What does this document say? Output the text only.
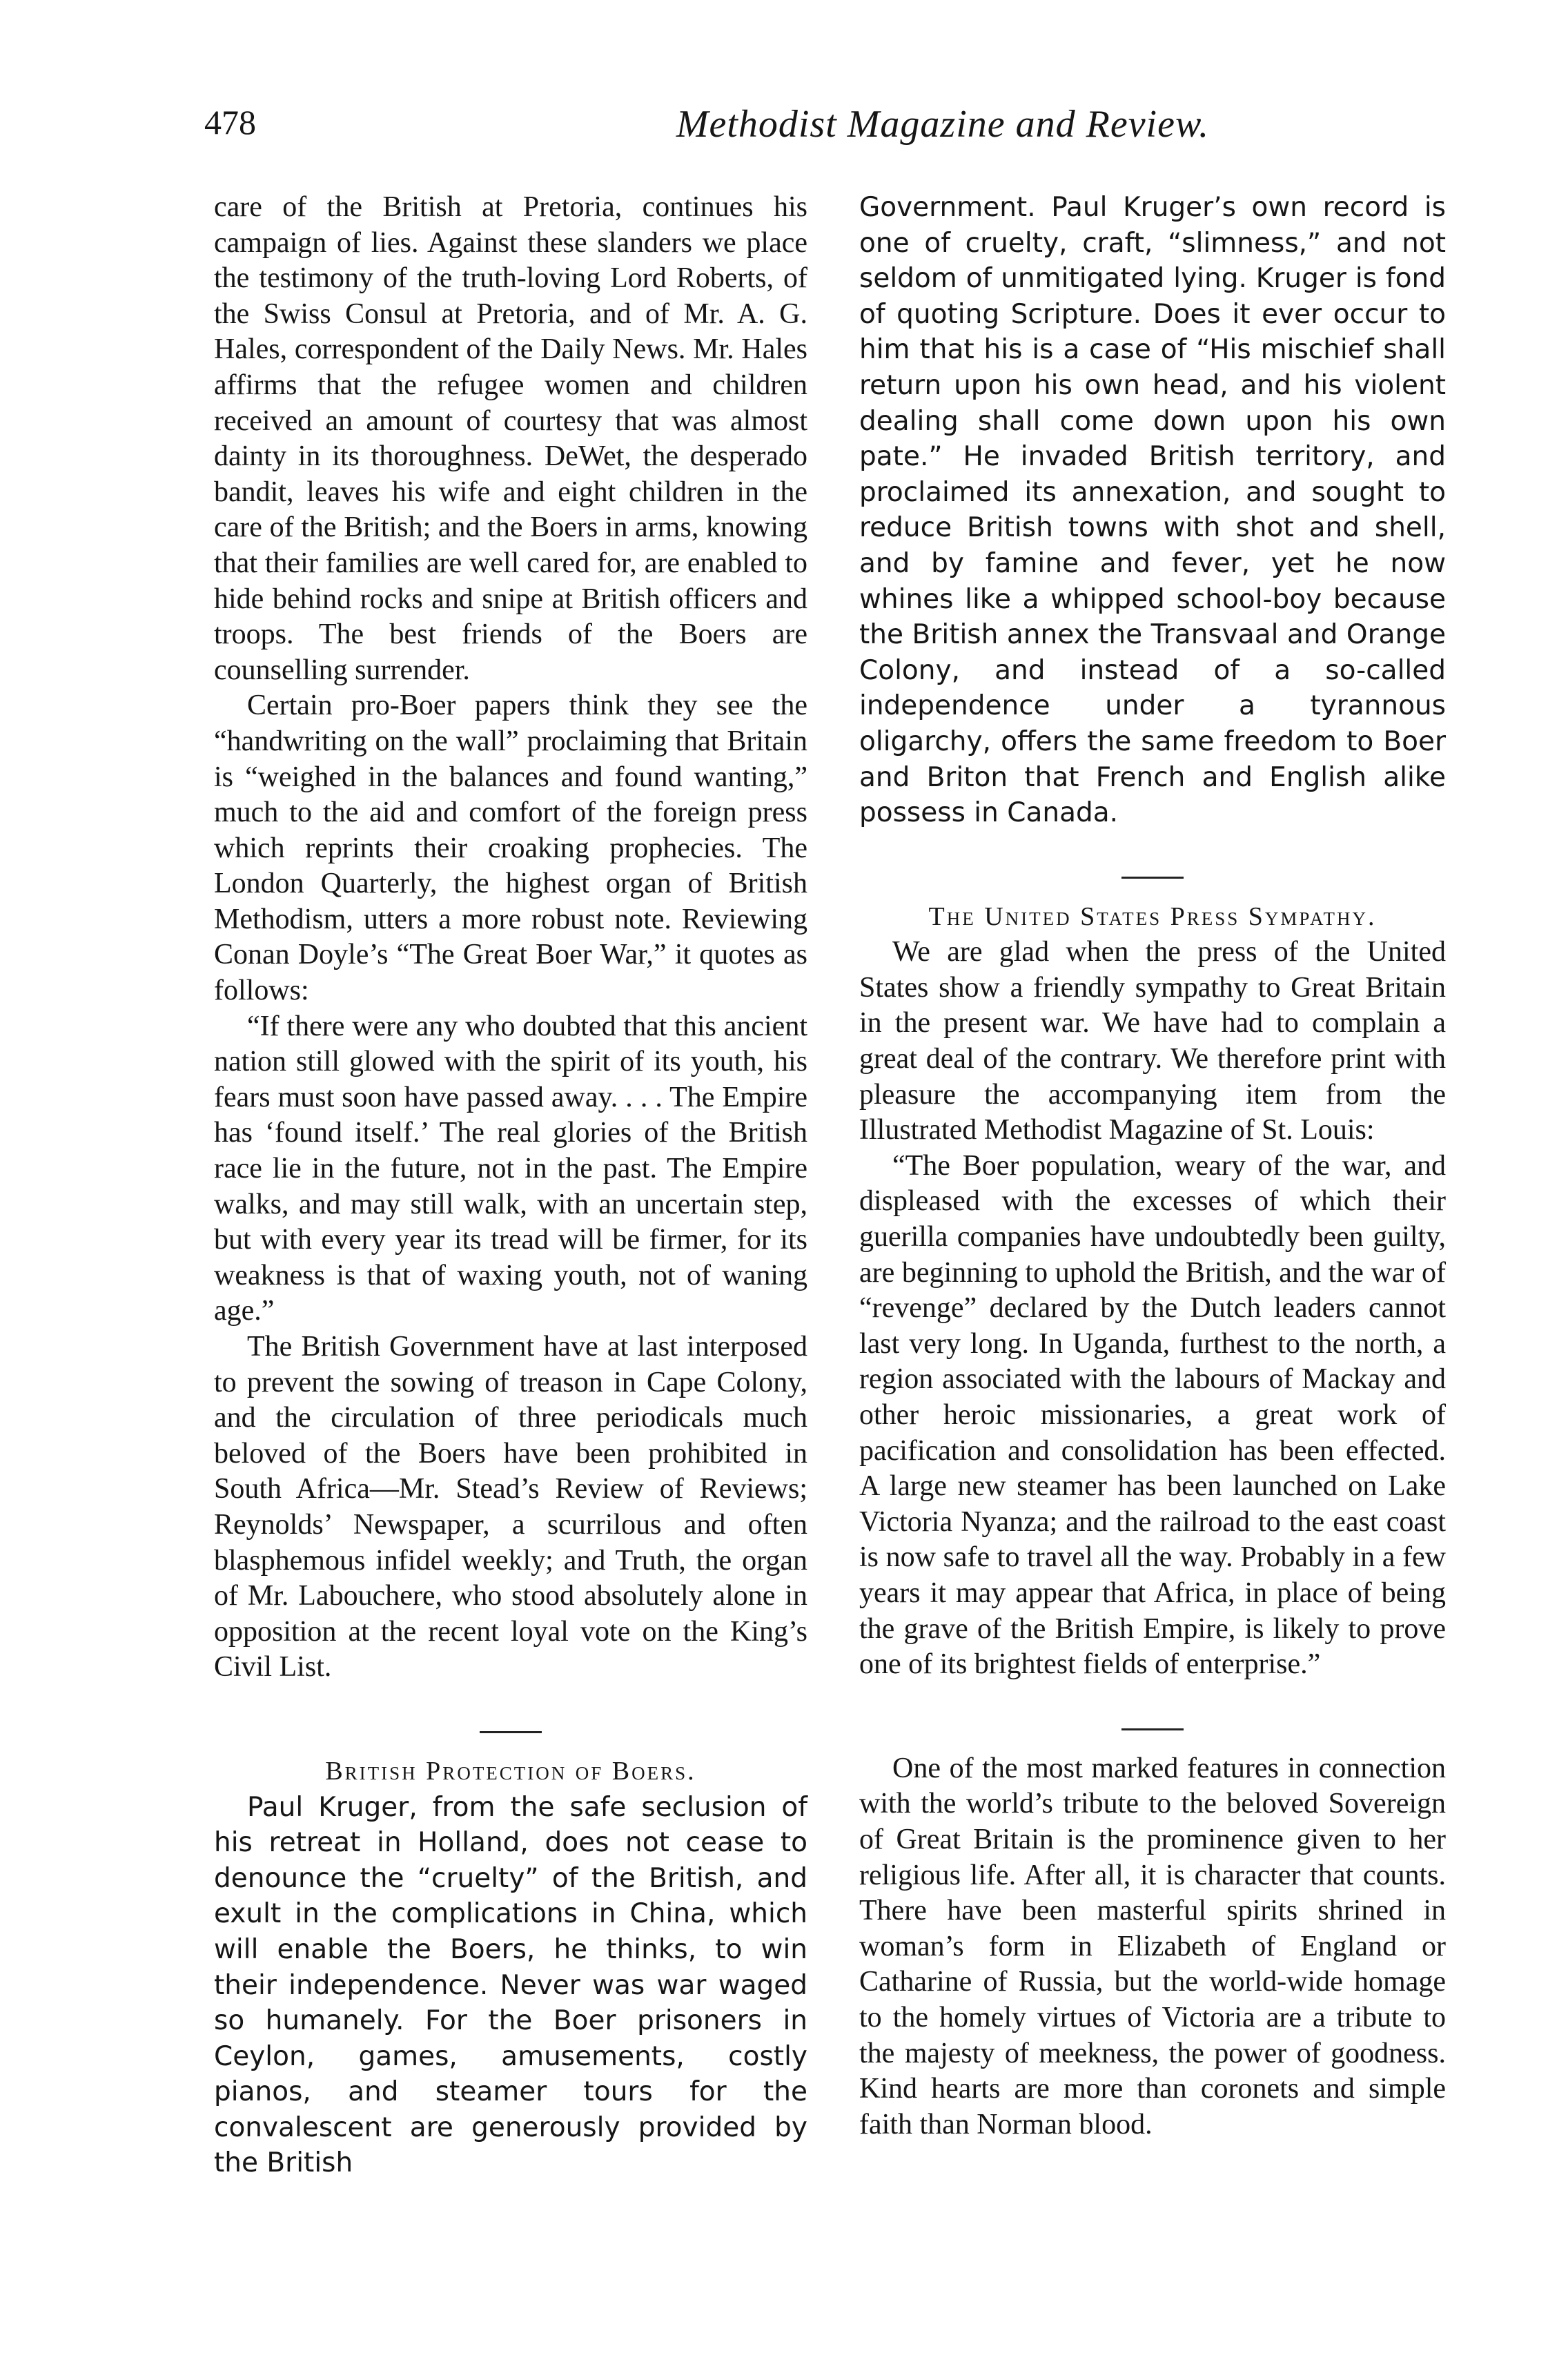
478	Methodist Magazine and Review.

care of the British at Pretoria, continues his campaign of lies. Against these slanders we place the testimony of the truth-loving Lord Roberts, of the Swiss Consul at Pretoria, and of Mr. A. G. Hales, correspondent of the Daily News. Mr. Hales affirms that the refugee women and children received an amount of courtesy that was almost dainty in its thoroughness. DeWet, the desperado bandit, leaves his wife and eight children in the care of the British; and the Boers in arms, knowing that their families are well cared for, are enabled to hide behind rocks and snipe at British officers and troops. The best friends of the Boers are counselling surrender.

Certain pro-Boer papers think they see the “handwriting on the wall” proclaiming that Britain is “weighed in the balances and found wanting,” much to the aid and comfort of the foreign press which reprints their croaking prophecies. The London Quarterly, the highest organ of British Methodism, utters a more robust note. Reviewing Conan Doyle’s “The Great Boer War,” it quotes as follows:

“If there were any who doubted that this ancient nation still glowed with the spirit of its youth, his fears must soon have passed away. . . . The Empire has ‘found itself.’ The real glories of the British race lie in the future, not in the past. The Empire walks, and may still walk, with an uncertain step, but with every year its tread will be firmer, for its weakness is that of waxing youth, not of waning age.”

The British Government have at last interposed to prevent the sowing of treason in Cape Colony, and the circulation of three periodicals much beloved of the Boers have been prohibited in South Africa—Mr. Stead’s Review of Reviews; Reynolds’ Newspaper, a scurrilous and often blasphemous infidel weekly; and Truth, the organ of Mr. Labouchere, who stood absolutely alone in opposition at the recent loyal vote on the King’s Civil List.

British Protection of Boers.

Paul Kruger, from the safe seclusion of his retreat in Holland, does not cease to denounce the “cruelty” of the British, and exult in the complications in China, which will enable the Boers, he thinks, to win their independence. Never was war waged so humanely. For the Boer prisoners in Ceylon, games, amusements, costly pianos, and steamer tours for the convalescent are generously provided by the British

Government. Paul Kruger’s own record is one of cruelty, craft, “slimness,” and not seldom of unmitigated lying. Kruger is fond of quoting Scripture. Does it ever occur to him that his is a case of “His mischief shall return upon his own head, and his violent dealing shall come down upon his own pate.” He invaded British territory, and proclaimed its annexation, and sought to reduce British towns with shot and shell, and by famine and fever, yet he now whines like a whipped school-boy because the British annex the Transvaal and Orange Colony, and instead of a so-called independence under a tyrannous oligarchy, offers the same freedom to Boer and Briton that French and English alike possess in Canada.

The United States Press Sympathy.

We are glad when the press of the United States show a friendly sympathy to Great Britain in the present war. We have had to complain a great deal of the contrary. We therefore print with pleasure the accompanying item from the Illustrated Methodist Magazine of St. Louis:

“The Boer population, weary of the war, and displeased with the excesses of which their guerilla companies have undoubtedly been guilty, are beginning to uphold the British, and the war of “revenge” declared by the Dutch leaders cannot last very long. In Uganda, furthest to the north, a region associated with the labours of Mackay and other heroic missionaries, a great work of pacification and consolidation has been effected. A large new steamer has been launched on Lake Victoria Nyanza; and the railroad to the east coast is now safe to travel all the way. Probably in a few years it may appear that Africa, in place of being the grave of the British Empire, is likely to prove one of its brightest fields of enterprise.”

One of the most marked features in connection with the world’s tribute to the beloved Sovereign of Great Britain is the prominence given to her religious life. After all, it is character that counts. There have been masterful spirits shrined in woman’s form in Elizabeth of England or Catharine of Russia, but the world-wide homage to the homely virtues of Victoria are a tribute to the majesty of meekness, the power of goodness. Kind hearts are more than coronets and simple faith than Norman blood.
